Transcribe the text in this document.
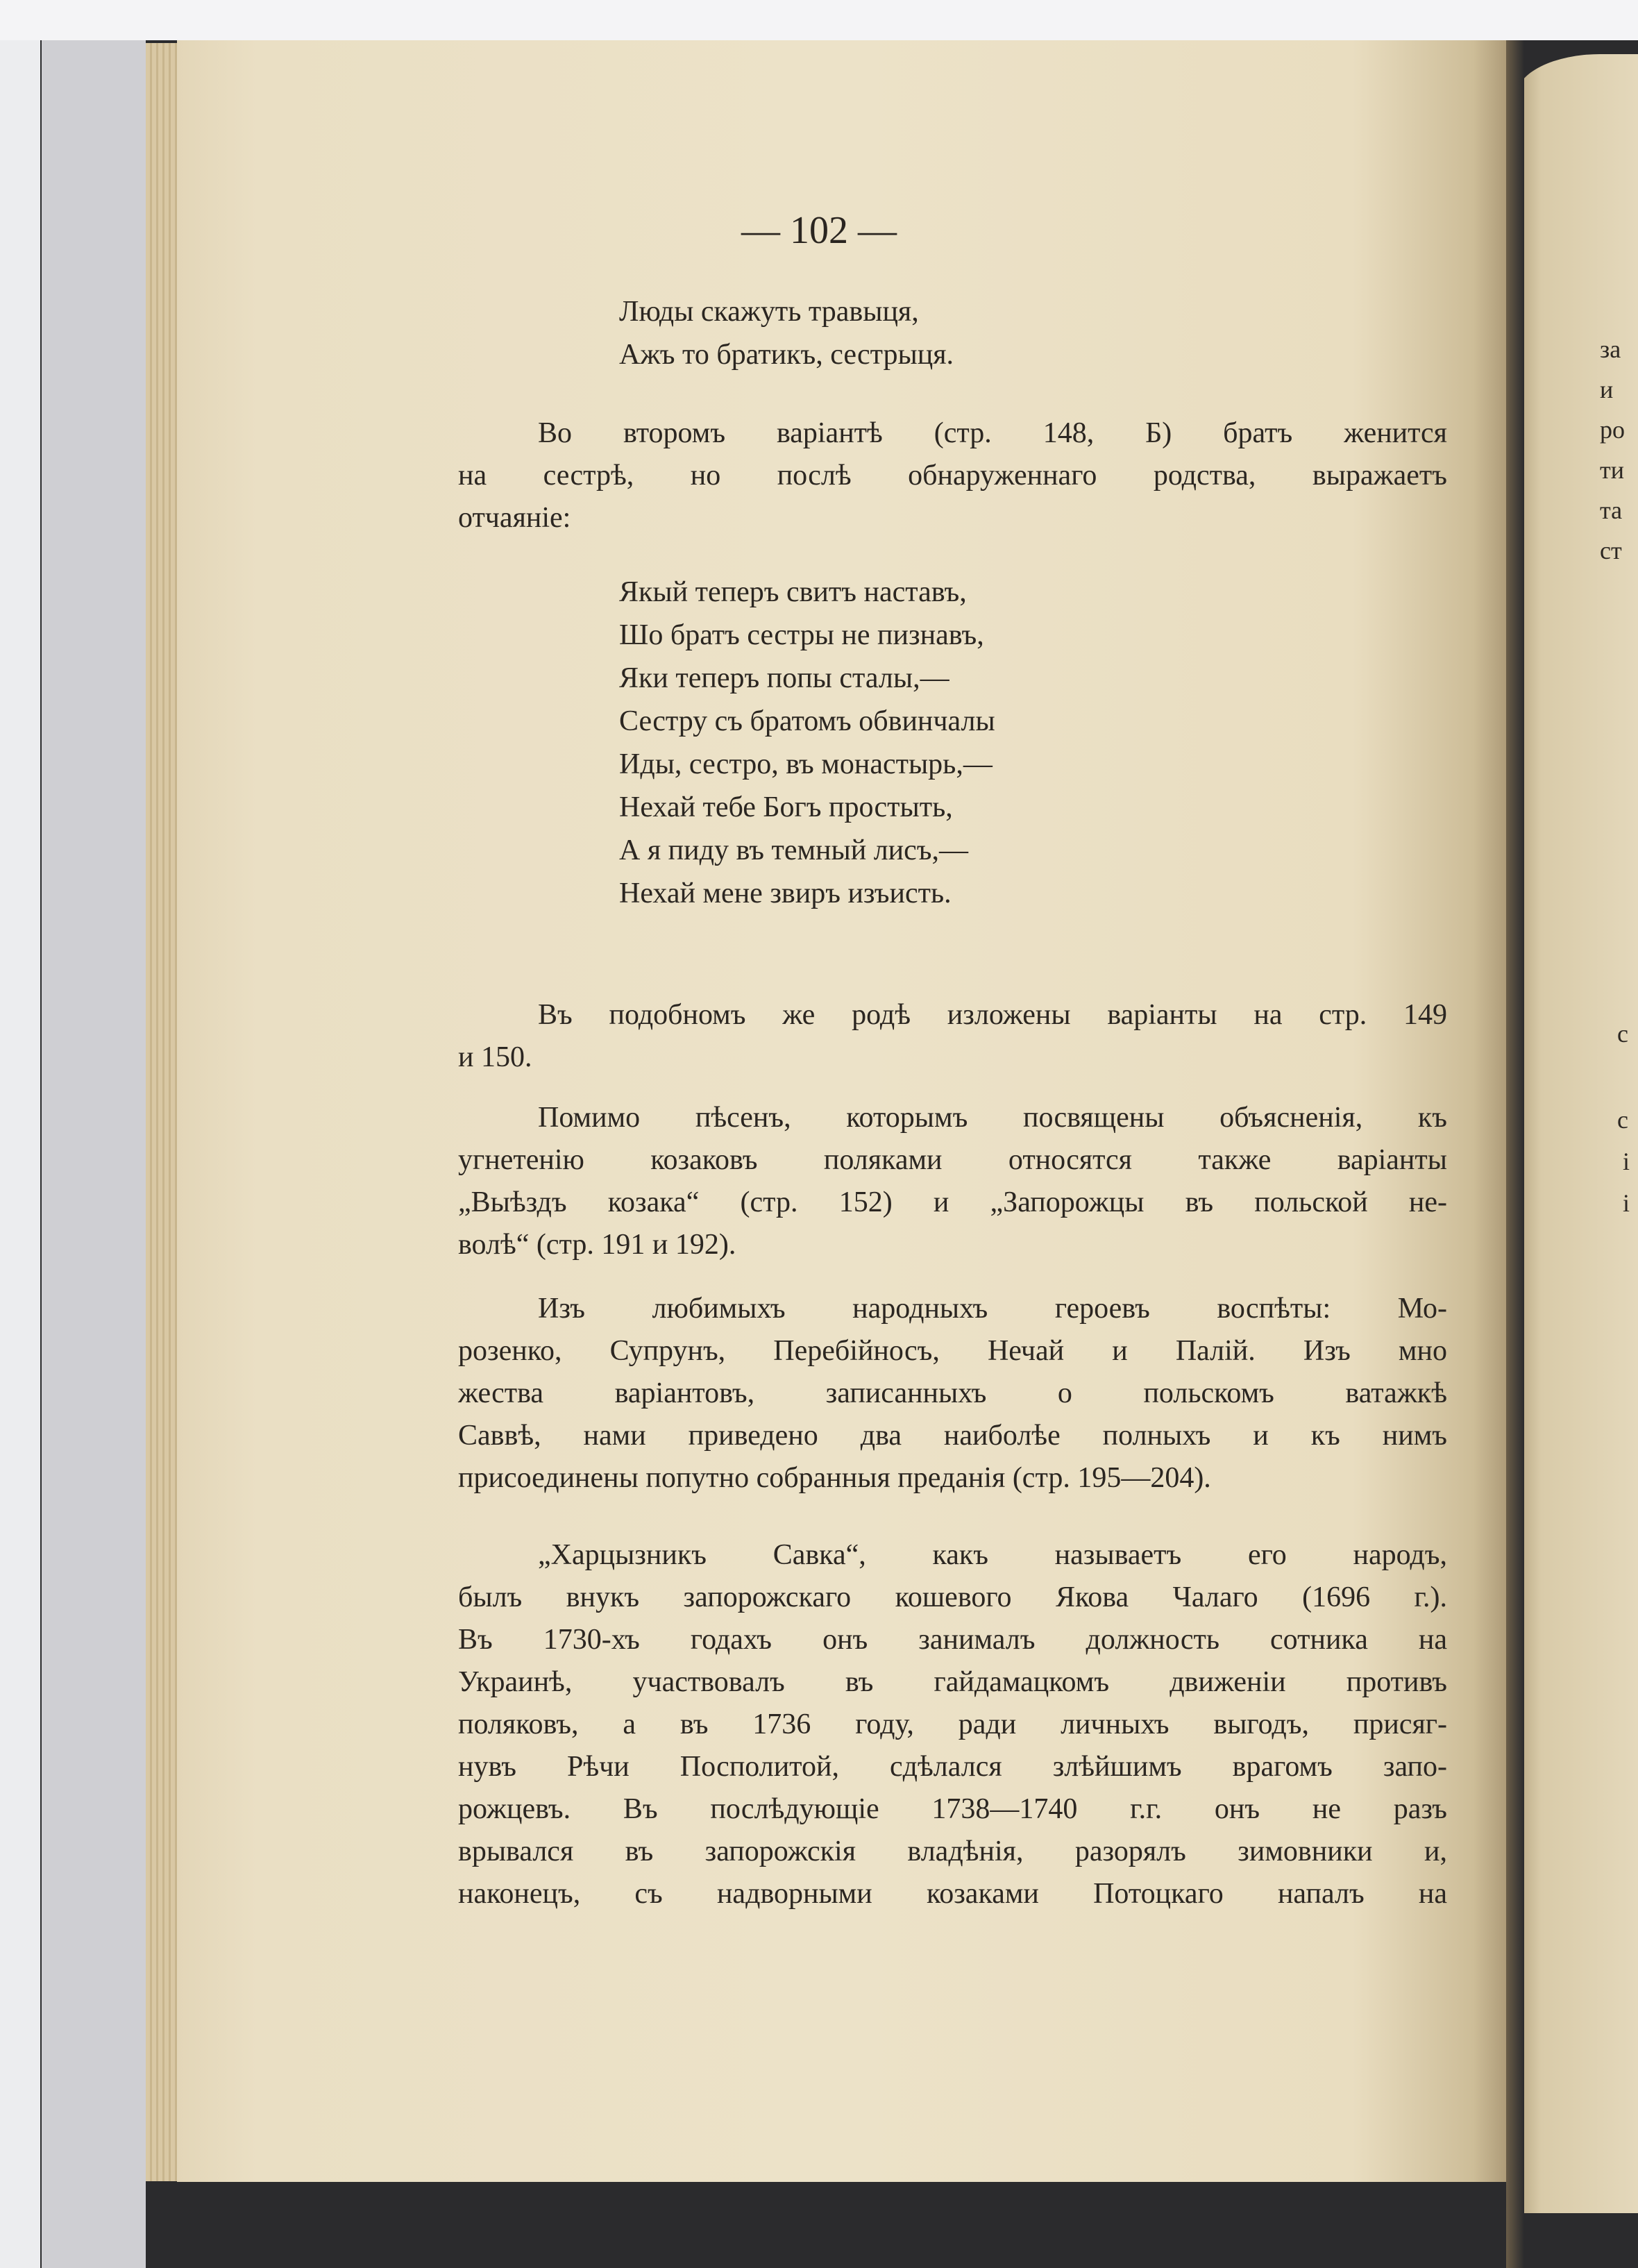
— 102 —
Люды скажуть травыця,
Ажъ то братикъ, сестрыця.
Во второмъ варіантѣ (стр. 148, Б) братъ женится
на сестрѣ, но послѣ обнаруженнаго родства, выражаетъ
отчаяніе:
Якый теперъ свитъ наставъ,
Шо братъ сестры не пизнавъ,
Яки теперъ попы сталы,—
Сестру съ братомъ обвинчалы
Иды, сестро, въ монастырь,—
Нехай тебе Богъ простыть,
А я пиду въ темный лисъ,—
Нехай мене звиръ изъисть.
Въ подобномъ же родѣ изложены варіанты на стр. 149
и 150.
Помимо пѣсенъ, которымъ посвящены объясненія, къ
угнетенію козаковъ поляками относятся также варіанты
„Выѣздъ козака“ (стр. 152) и „Запорожцы въ польской не-
волѣ“ (стр. 191 и 192).
Изъ любимыхъ народныхъ героевъ воспѣты: Мо-
розенко, Супрунъ, Перебiйносъ, Нечай и Палiй. Изъ мно
жества варіантовъ, записанныхъ о польскомъ ватажкѣ
Саввѣ, нами приведено два наиболѣе полныхъ и къ нимъ
присоединены попутно собранныя преданія (стр. 195—204).
„Харцызникъ Савка“, какъ называетъ его народъ,
былъ внукъ запорожскаго кошевого Якова Чалаго (1696 г.).
Въ 1730-хъ годахъ онъ занималъ должность сотника на
Украинѣ, участвовалъ въ гайдамацкомъ движеніи противъ
поляковъ, а въ 1736 году, ради личныхъ выгодъ, присяг-
нувъ Рѣчи Посполитой, сдѣлался злѣйшимъ врагомъ запо-
рожцевъ. Въ послѣдующіе 1738—1740 г.г. онъ не разъ
врывался въ запорожскія владѣнія, разорялъ зимовники и,
наконецъ, съ надворными козаками Потоцкаго напалъ на
за
и
ро
ти
та
ст
с
с
і
і
